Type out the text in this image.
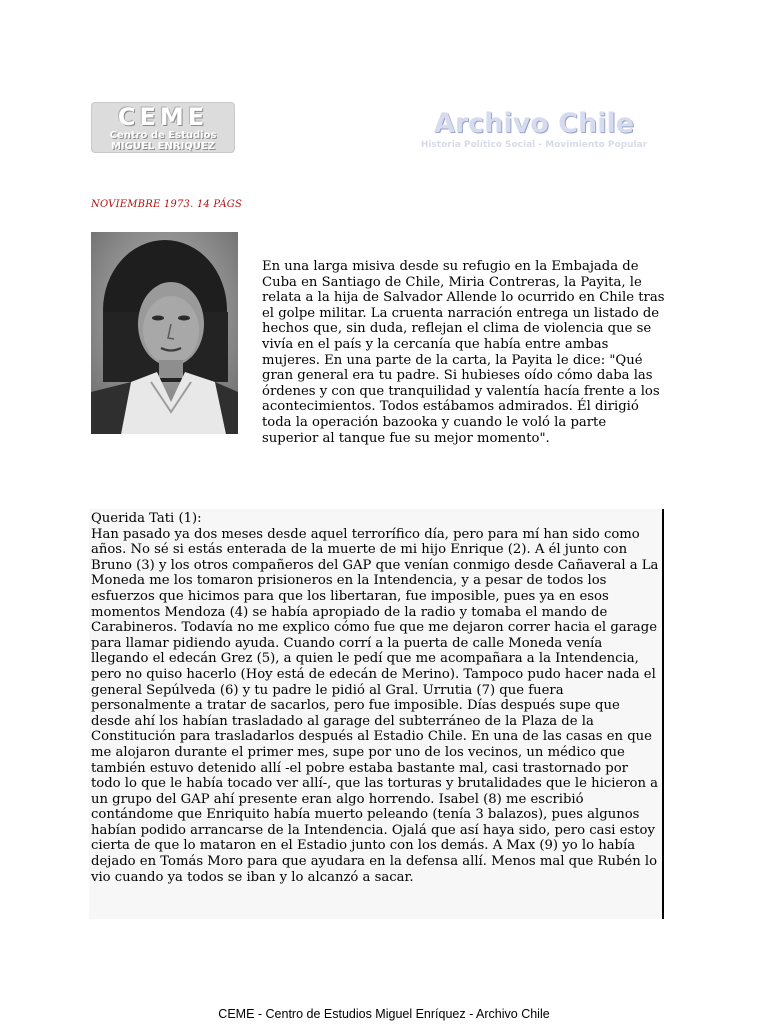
CEME
Centro de Estudios
MIGUEL ENRIQUEZ
Archivo Chile
Historia Político Social - Movimiento Popular
NOVIEMBRE 1973. 14 PÁGS
En una larga misiva desde su refugio en la Embajada de Cuba en Santiago de Chile, Miria Contreras, la Payita, le relata a la hija de Salvador Allende lo ocurrido en Chile tras el golpe militar. La cruenta narración entrega un listado de hechos que, sin duda, reflejan el clima de violencia que se vivía en el país y la cercanía que había entre ambas mujeres. En una parte de la carta, la Payita le dice: "Qué gran general era tu padre. Si hubieses oído cómo daba las órdenes y con que tranquilidad y valentía hacía frente a los acontecimientos. Todos estábamos admirados. Él dirigió toda la operación bazooka y cuando le voló la parte superior al tanque fue su mejor momento".

Querida Tati (1):

Han pasado ya dos meses desde aquel terrorífico día, pero para mí han sido como años. No sé si estás enterada de la muerte de mi hijo Enrique (2). A él junto con Bruno (3) y los otros compañeros del GAP que venían conmigo desde Cañaveral a La Moneda me los tomaron prisioneros en la Intendencia, y a pesar de todos los esfuerzos que hicimos para que los libertaran, fue imposible, pues ya en esos momentos Mendoza (4) se había apropiado de la radio y tomaba el mando de Carabineros. Todavía no me explico cómo fue que me dejaron correr hacia el garage para llamar pidiendo ayuda. Cuando corrí a la puerta de calle Moneda venía llegando el edecán Grez (5), a quien le pedí que me acompañara a la Intendencia, pero no quiso hacerlo (Hoy está de edecán de Merino). Tampoco pudo hacer nada el general Sepúlveda (6) y tu padre le pidió al Gral. Urrutia (7) que fuera personalmente a tratar de sacarlos, pero fue imposible. Días después supe que desde ahí los habían trasladado al garage del subterráneo de la Plaza de la Constitución para trasladarlos después al Estadio Chile. En una de las casas en que me alojaron durante el primer mes, supe por uno de los vecinos, un médico que también estuvo detenido allí -el pobre estaba bastante mal, casi trastornado por todo lo que le había tocado ver allí-, que las torturas y brutalidades que le hicieron a un grupo del GAP ahí presente eran algo horrendo. Isabel (8) me escribió contándome que Enriquito había muerto peleando (tenía 3 balazos), pues algunos habían podido arrancarse de la Intendencia. Ojalá que así haya sido, pero casi estoy cierta de que lo mataron en el Estadio junto con los demás. A Max (9) yo lo había dejado en Tomás Moro para que ayudara en la defensa allí. Menos mal que Rubén lo vio cuando ya todos se iban y lo alcanzó a sacar.

CEME - Centro de Estudios Miguel Enríquez - Archivo Chile
